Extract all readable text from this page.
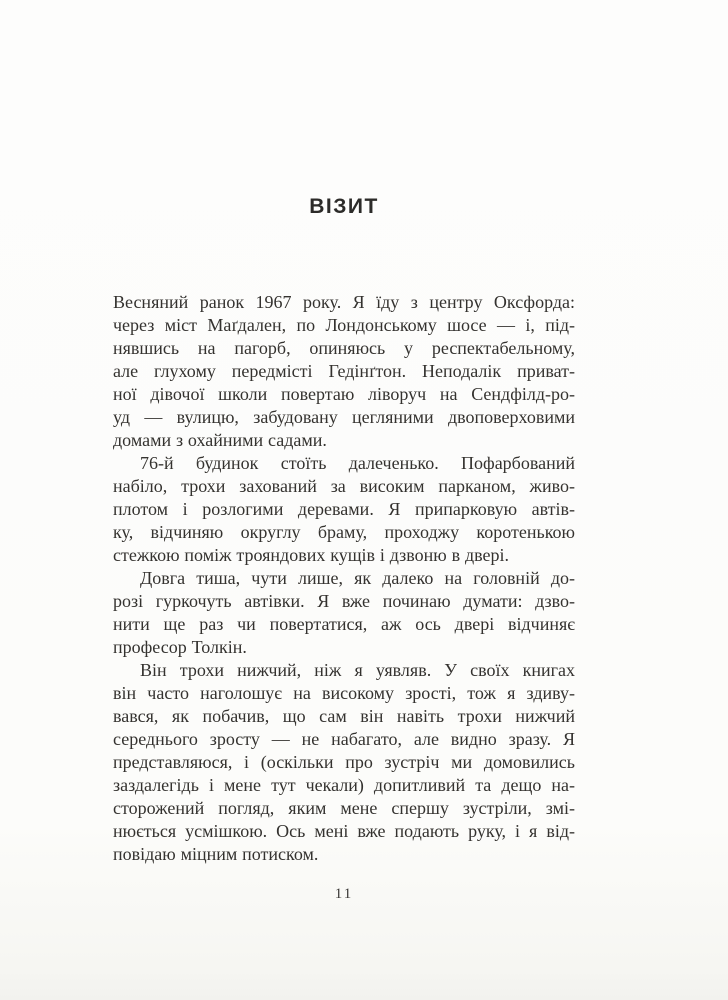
ВІЗИТ
Весняний ранок 1967 року. Я їду з центру Оксфорда:
через міст Маґдален, по Лондонському шосе — і, під-
нявшись на пагорб, опиняюсь у респектабельному,
але глухому передмісті Гедінґтон. Неподалік приват-
ної дівочої школи повертаю ліворуч на Сендфілд-ро-
уд — вулицю, забудовану цегляними двоповерховими
домами з охайними садами.
76-й будинок стоїть далеченько. Пофарбований
набіло, трохи захований за високим парканом, живо-
плотом і розлогими деревами. Я припарковую автів-
ку, відчиняю округлу браму, проходжу коротенькою
стежкою поміж трояндових кущів і дзвоню в двері.
Довга тиша, чути лише, як далеко на головній до-
розі гуркочуть автівки. Я вже починаю думати: дзво-
нити ще раз чи повертатися, аж ось двері відчиняє
професор Толкін.
Він трохи нижчий, ніж я уявляв. У своїх книгах
він часто наголошує на високому зрості, тож я здиву-
вався, як побачив, що сам він навіть трохи нижчий
середнього зросту — не набагато, але видно зразу. Я
представляюся, і (оскільки про зустріч ми домовились
заздалегідь і мене тут чекали) допитливий та дещо на-
сторожений погляд, яким мене спершу зустріли, змі-
нюється усмішкою. Ось мені вже подають руку, і я від-
повідаю міцним потиском.
11
